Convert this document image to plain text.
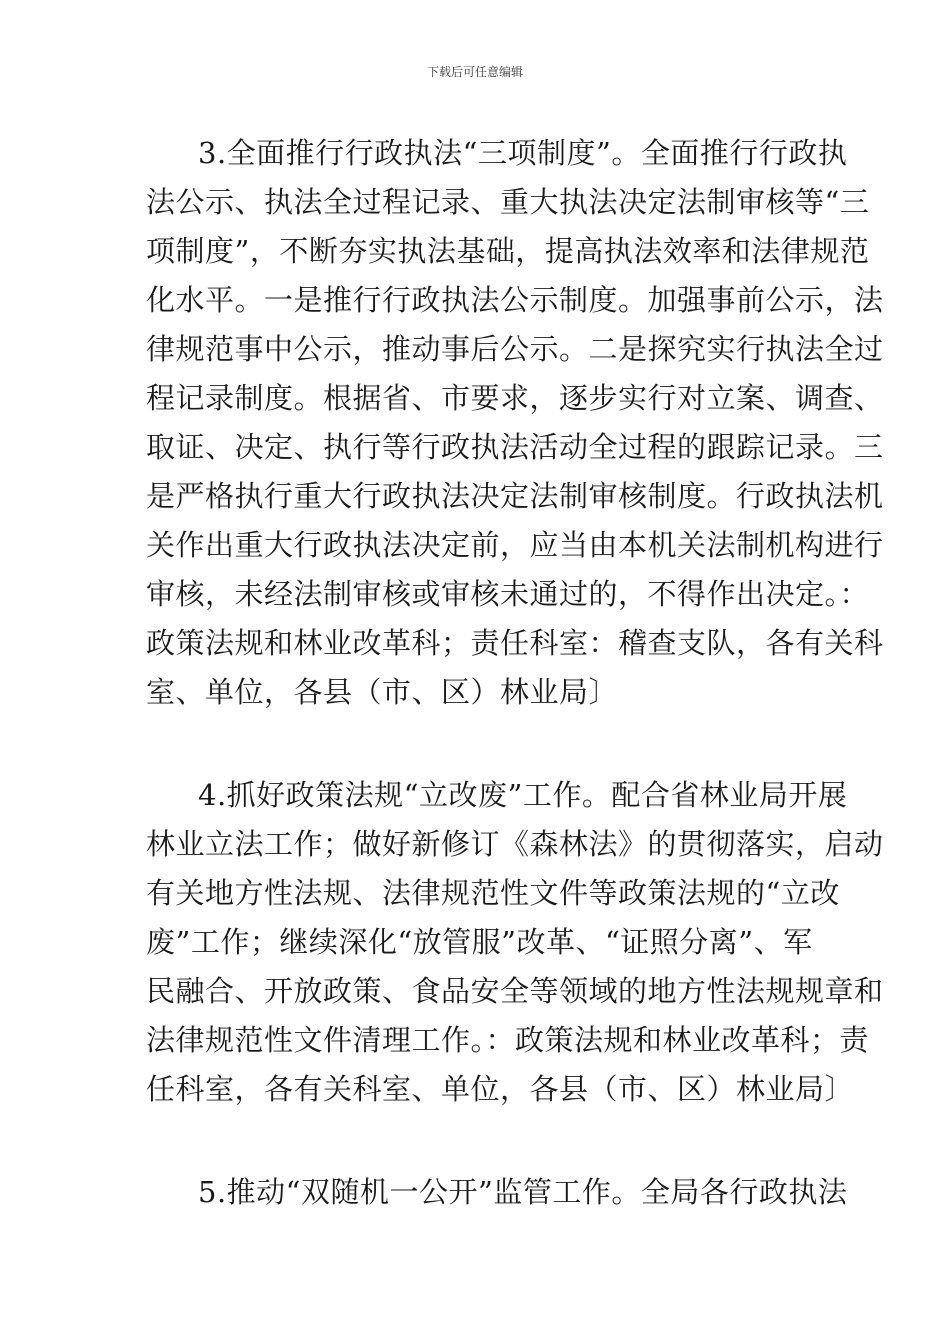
下载后可任意编辑
3.全面推行行政执法“三项制度”。全面推行行政执
法公示、执法全过程记录、重大执法决定法制审核等“三
项制度”，不断夯实执法基础，提高执法效率和法律规范
化水平。一是推行行政执法公示制度。加强事前公示，法
律规范事中公示，推动事后公示。二是探究实行执法全过
程记录制度。根据省、市要求，逐步实行对立案、调查、
取证、决定、执行等行政执法活动全过程的跟踪记录。三
是严格执行重大行政执法决定法制审核制度。行政执法机
关作出重大行政执法决定前，应当由本机关法制机构进行
审核，未经法制审核或审核未通过的，不得作出决定。：
政策法规和林业改革科；责任科室：稽查支队，各有关科
室、单位，各县（市、区）林业局〕
4.抓好政策法规“立改废”工作。配合省林业局开展
林业立法工作；做好新修订《森林法》的贯彻落实，启动
有关地方性法规、法律规范性文件等政策法规的“立改
废”工作；继续深化“放管服”改革、“证照分离”、军
民融合、开放政策、食品安全等领域的地方性法规规章和
法律规范性文件清理工作。：政策法规和林业改革科；责
任科室，各有关科室、单位，各县（市、区）林业局〕
5.推动“双随机一公开”监管工作。全局各行政执法
